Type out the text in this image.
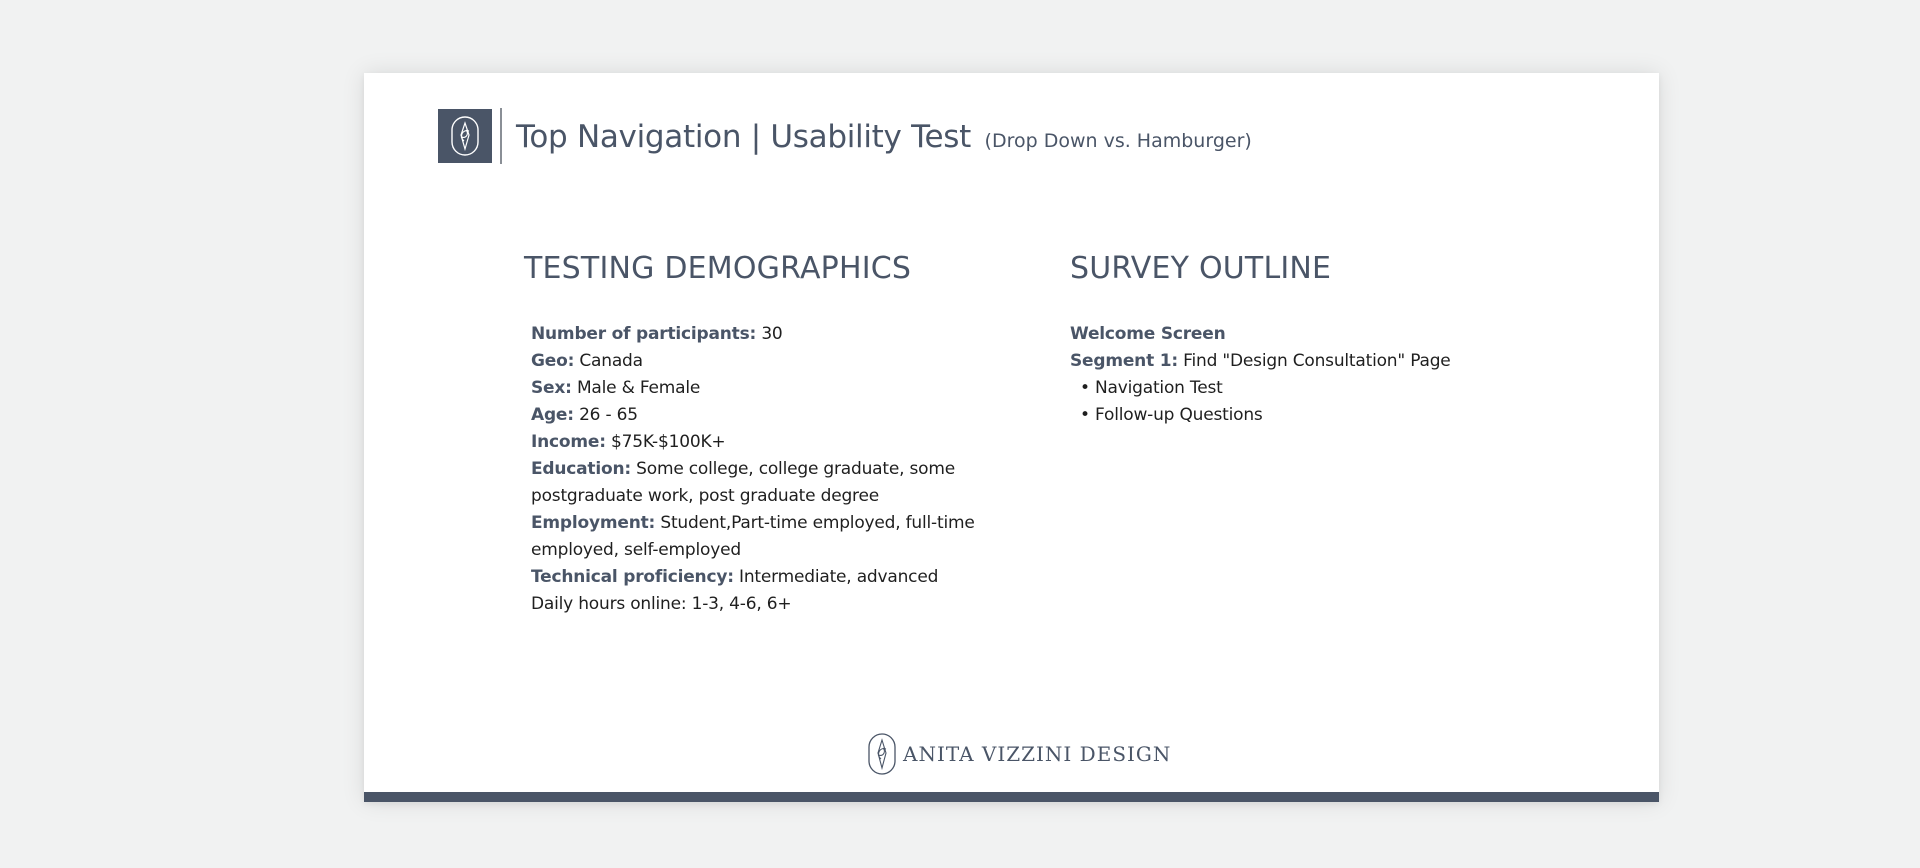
Top Navigation | Usability Test (Drop Down vs. Hamburger)
TESTING DEMOGRAPHICS
Number of participants: 30
Geo: Canada
Sex: Male & Female
Age: 26 - 65
Income: $75K-$100K+
Education: Some college, college graduate, some postgraduate work, post graduate degree
Employment: Student,Part-time employed, full-time employed, self-employed
Technical proficiency: Intermediate, advanced
Daily hours online: 1-3, 4-6, 6+
SURVEY OUTLINE
Welcome Screen
Segment 1: Find "Design Consultation" Page
• Navigation Test
• Follow-up Questions
ANITA VIZZINI DESIGN
